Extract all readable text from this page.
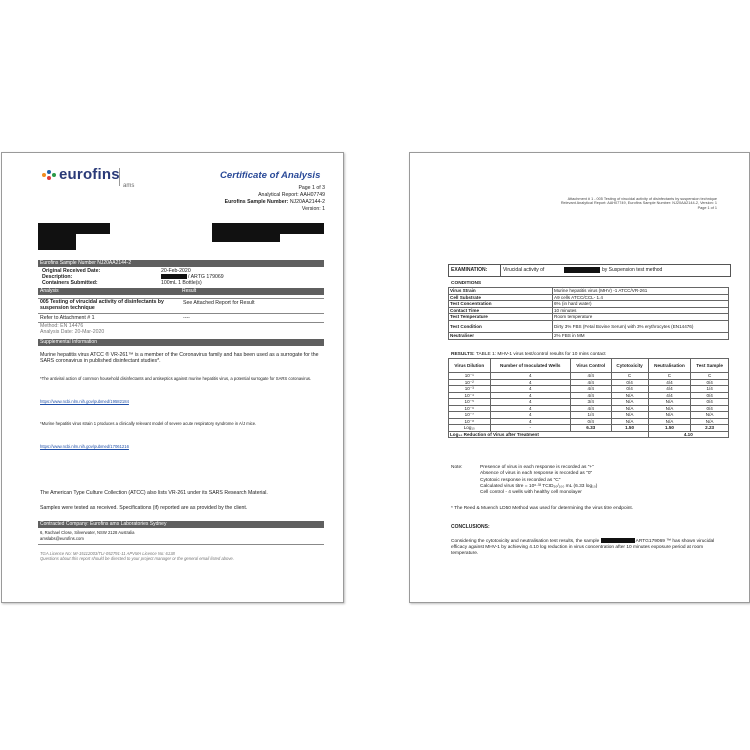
eurofins
ams
Certificate of Analysis
Page 1 of 3
Analytical Report: AAH07749
Eurofins Sample Number: NJ20AA2144-2
Version: 1
Eurofins Sample Number NJ20AA2144-2
Original Received Date:	20-Feb-2020
Description:	/ ARTG 179069
Containers Submitted:	100mL 1 Bottle(s)
Analysis	Result
005 Testing of virucidal activity of disinfectants by suspension technique
See Attached Report for Result
Refer to Attachment # 1	----
Method: EN 14476
Analysis Date: 20-Mar-2020
Supplemental Information
Murine hepatitis virus ATCC ® VR-261™ is a member of the Coronavirus family and has been used as a surrogate for the SARS coronavirus in published disinfectant studies*.
*The antiviral action of common household disinfectants and antiseptics against murine hepatitis virus, a potential surrogate for SARS coronavirus.
https://www.ncbi.nlm.nih.gov/pubmed/19582184
*Murine hepatitis virus strain 1 produces a clinically relevant model of severe acute respiratory syndrome in A/J mice.
https://www.ncbi.nlm.nih.gov/pubmed/17061216
The American Type Culture Collection (ATCC) also lists VR-261 under its SARS Research Material.
Samples were tested as received. Specifications (if) reported are as provided by the client.
Contracted Company: Eurofins ams Laboratories Sydney
6, Rachael Close, Silverwater, NSW 2128 Australia
amslabs@eurofins.com
TGA Licence No: MI-15112003/TLI-052791-11 APVMA Licence No: 6138
Questions about this report should be directed to your project manager or the general email listed above.
Attachment # 1 - 005 Testing of virucidal activity of disinfectants by suspension technique
Relevant Analytical Report: AAH07749, Eurofins Sample Number: NJ20AA2144-2, Version: 1
Page 1 of 1
EXAMINATION:	Virucidal activity of	by Suspension test method
CONDITIONS
Virus Strain	Murine hepatitis virus (MHV) -1 ATCC/VR-261
Cell Substrate	A9 cells ATCC/CCL- 1.4
Test Concentration	6% (in hard water)
Contact Time	10 minutes
Test Temperature	Room temperature
Test Condition	Dirty 3% FBS (Fetal Bovine Serum) with 3% erythrocytes (EN14476)
Neutraliser	2% FBS in MM
RESULTS: TABLE 1: MHV-1 virus test/control results for 10 mins contact
Virus Dilution	Number of Inoculated Wells	Virus Control	Cytotoxicity	Neutralisation	Test Sample
10⁻¹	4	4/4	C	C	C
10⁻²	4	4/4	0/4	4/4	0/4
10⁻³	4	4/4	0/4	4/4	1/4
10⁻⁴	4	4/4	N/A	4/4	0/4
10⁻⁵	4	3/4	N/A	N/A	0/4
10⁻⁶	4	4/4	N/A	N/A	0/4
10⁻⁷	4	1/4	N/A	N/A	N/A
10⁻⁸	4	0/4	N/A	N/A	N/A
Log₁₀	-	6.33	1.50	1.50	2.23
Log₁₀ Reduction of Virus after Treatment				4.10	
Note:	Presence of virus in each response is recorded as "+"
Absence of virus in each response is recorded as "0"
Cytotoxic response is recorded as "C"
Calculated virus titre = 10⁶·³³ TCID₅₀/₁₀₀ mL (6.33 log₁₀)
Cell control - 4 wells with healthy cell monolayer
* The Reed & Muench LD50 Method was used for determining the virus titre endpoint.
CONCLUSIONS:
Considering the cytotoxicity and neutralisation test results, the sample	ARTG179069 ™ has shown virucidal efficacy against MHV-1 by achieving 4.10 log reduction in virus concentration after 10 minutes exposure period at room temperature.
